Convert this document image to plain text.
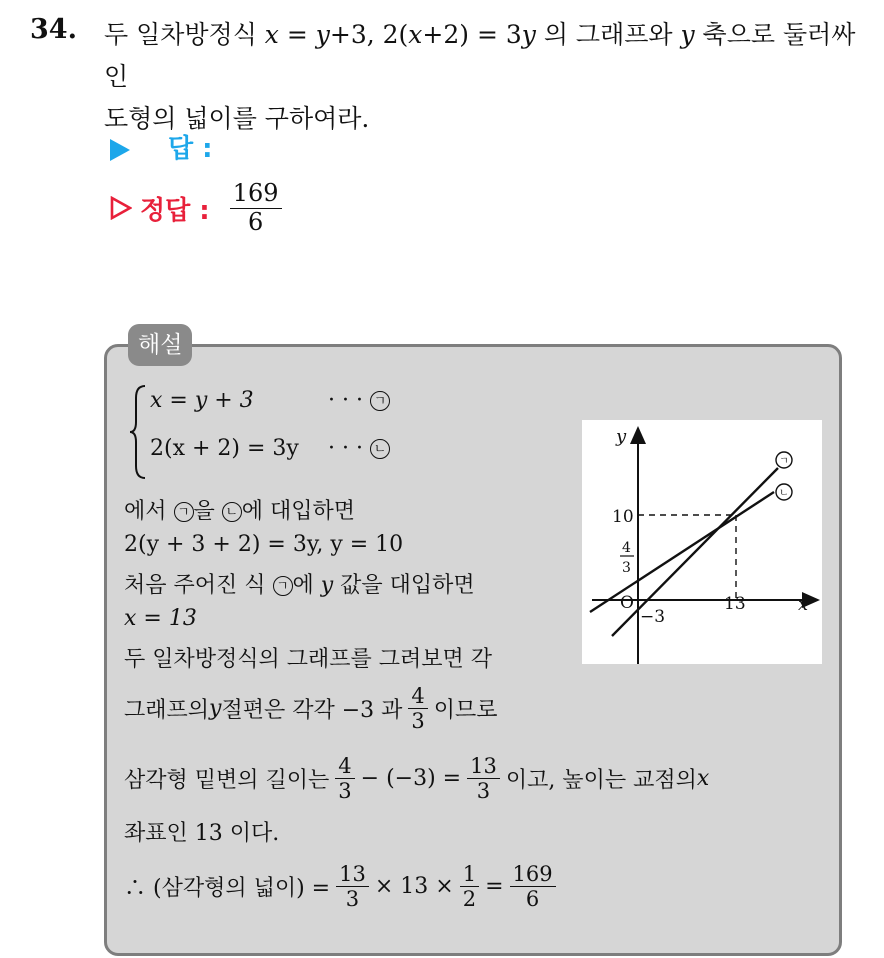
34. 두 일차방정식 x = y+3, 2(x+2) = 3y 의 그래프와 y 축으로 둘러싸인
도형의 넓이를 구하여라.
답 :
정답 : $\frac{169}{6}$
해설
x = y + 3	· · · ㄱ
2(x + 2) = 3y · · · ㄴ
에서 ㄱ 을 ㄴ 에 대입하면
2(y + 3 + 2) = 3y, y = 10
처음 주어진 식 ㄱ 에 y 값을 대입하면
x = 13
두 일차방정식의 그래프를 그려보면 각
그래프의 y 절편은 각각 −3 과 $\frac{4}{3}$ 이므로
삼각형 밑변의 길이는 $\frac{4}{3} - (-3) = \frac{13}{3}$ 이고, 높이는 교점의 x
좌표인 13 이다.
∴ (삼각형의 넓이) = $\frac{13}{3} \times 13 \times \frac{1}{2} = \frac{169}{6}$
y
x
O
10
13
−3
4
3
ㄱ
ㄴ
